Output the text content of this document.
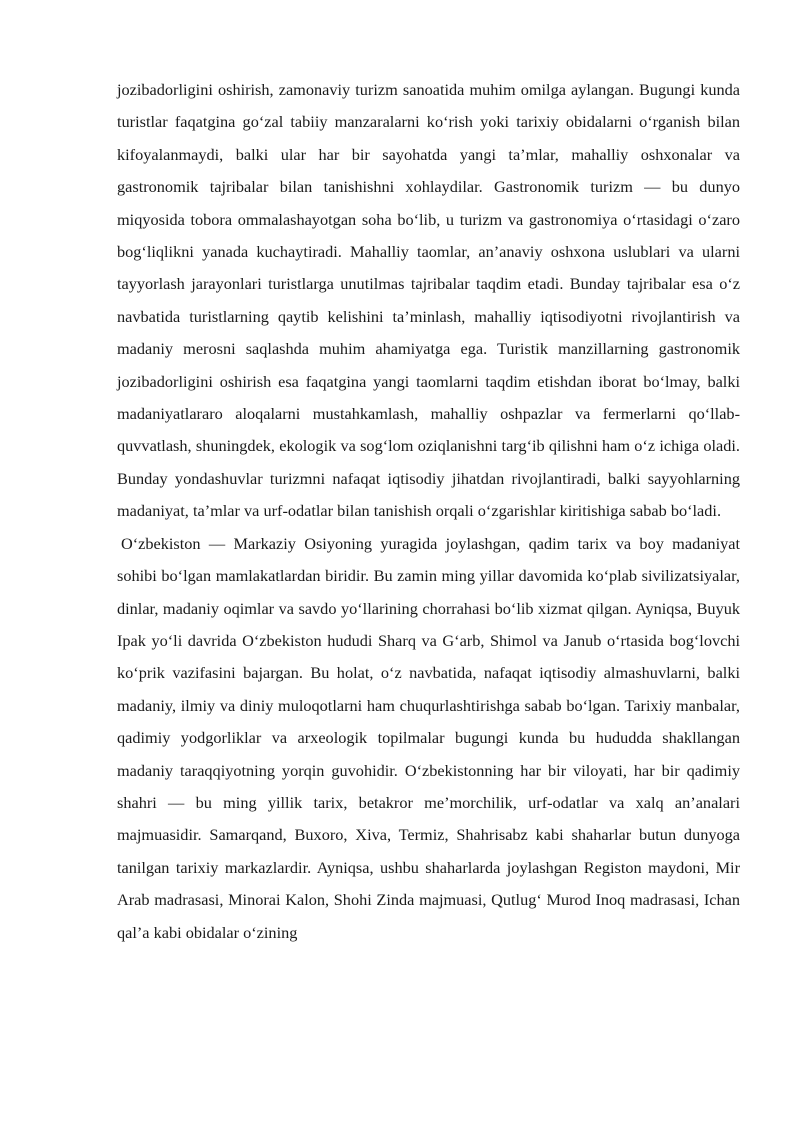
jozibadorligini oshirish, zamonaviy turizm sanoatida muhim omilga aylangan. Bugungi kunda turistlar faqatgina go‘zal tabiiy manzaralarni ko‘rish yoki tarixiy obidalarni o‘rganish bilan kifoyalanmaydi, balki ular har bir sayohatda yangi ta’mlar, mahalliy oshxonalar va gastronomik tajribalar bilan tanishishni xohlaydilar. Gastronomik turizm — bu dunyo miqyosida tobora ommalashayotgan soha bo‘lib, u turizm va gastronomiya o‘rtasidagi o‘zaro bog‘liqlikni yanada kuchaytiradi. Mahalliy taomlar, an’anaviy oshxona uslublari va ularni tayyorlash jarayonlari turistlarga unutilmas tajribalar taqdim etadi. Bunday tajribalar esa o‘z navbatida turistlarning qaytib kelishini ta’minlash, mahalliy iqtisodiyotni rivojlantirish va madaniy merosni saqlashda muhim ahamiyatga ega. Turistik manzillarning gastronomik jozibadorligini oshirish esa faqatgina yangi taomlarni taqdim etishdan iborat bo‘lmay, balki madaniyatlararo aloqalarni mustahkamlash, mahalliy oshpazlar va fermerlarni qo‘llab-quvvatlash, shuningdek, ekologik va sog‘lom oziqlanishni targ‘ib qilishni ham o‘z ichiga oladi. Bunday yondashuvlar turizmni nafaqat iqtisodiy jihatdan rivojlantiradi, balki sayyohlarning madaniyat, ta’mlar va urf-odatlar bilan tanishish orqali o‘zgarishlar kiritishiga sabab bo‘ladi.

O‘zbekiston — Markaziy Osiyoning yuragida joylashgan, qadim tarix va boy madaniyat sohibi bo‘lgan mamlakatlardan biridir. Bu zamin ming yillar davomida ko‘plab sivilizatsiyalar, dinlar, madaniy oqimlar va savdo yo‘llarining chorrahasi bo‘lib xizmat qilgan. Ayniqsa, Buyuk Ipak yo‘li davrida O‘zbekiston hududi Sharq va G‘arb, Shimol va Janub o‘rtasida bog‘lovchi ko‘prik vazifasini bajargan. Bu holat, o‘z navbatida, nafaqat iqtisodiy almashuvlarni, balki madaniy, ilmiy va diniy muloqotlarni ham chuqurlashtirishga sabab bo‘lgan. Tarixiy manbalar, qadimiy yodgorliklar va arxeologik topilmalar bugungi kunda bu hududda shakllangan madaniy taraqqiyotning yorqin guvohidir. O‘zbekistonning har bir viloyati, har bir qadimiy shahri — bu ming yillik tarix, betakror me’morchilik, urf-odatlar va xalq an’analari majmuasidir. Samarqand, Buxoro, Xiva, Termiz, Shahrisabz kabi shaharlar butun dunyoga tanilgan tarixiy markazlardir. Ayniqsa, ushbu shaharlarda joylashgan Registon maydoni, Mir Arab madrasasi, Minorai Kalon, Shohi Zinda majmuasi, Qutlug‘ Murod Inoq madrasasi, Ichan qal’a kabi obidalar o‘zining
